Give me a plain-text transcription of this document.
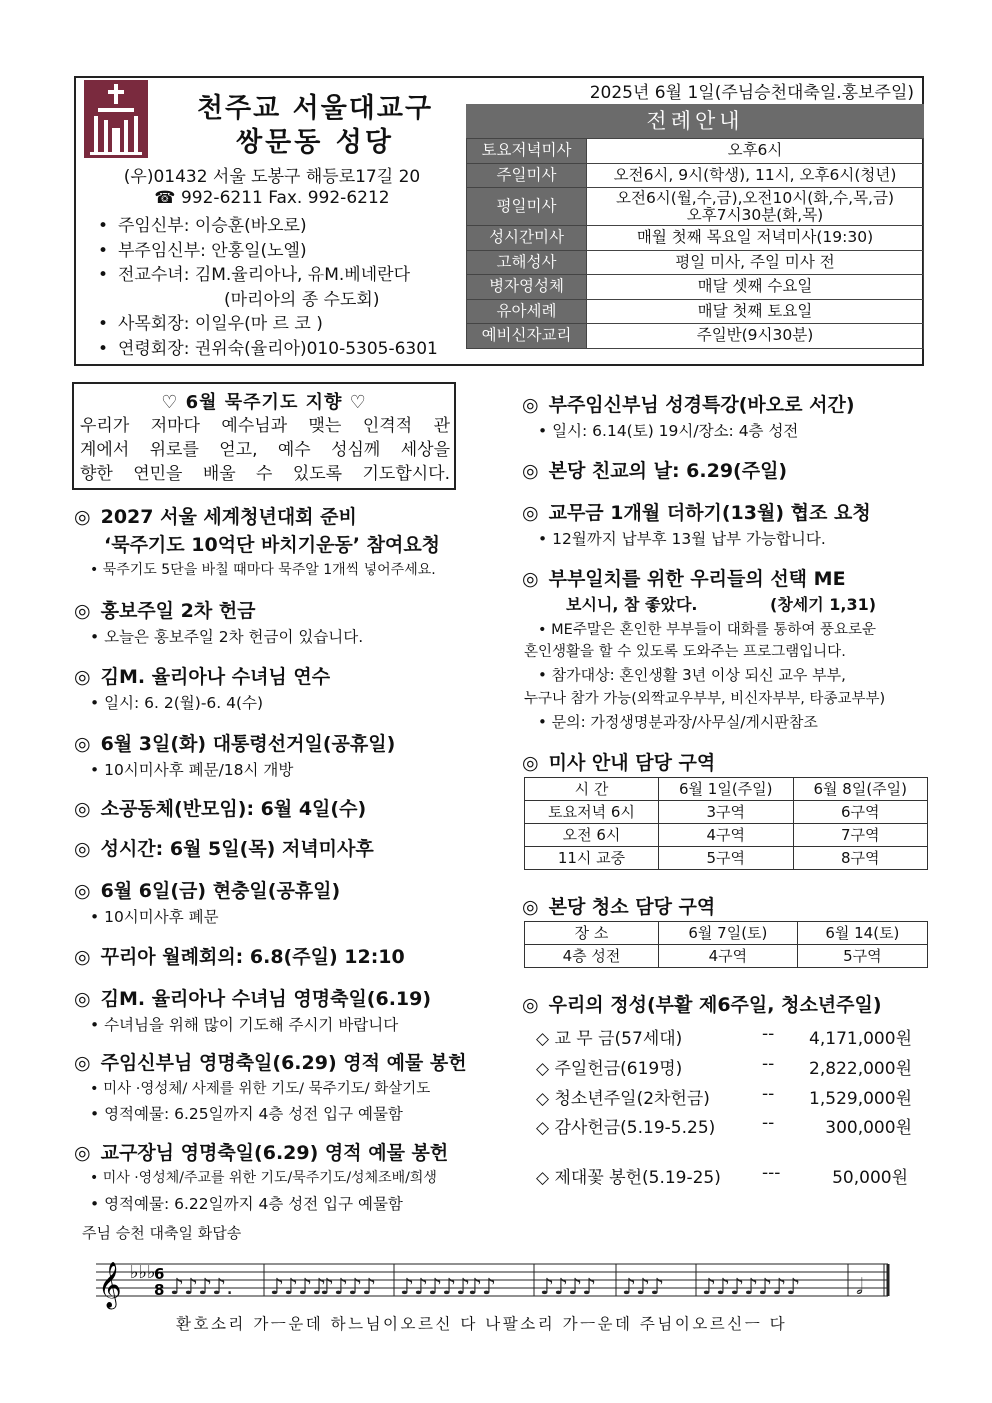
천주교 서울대교구
쌍문동 성당
(우)01432 서울 도봉구 해등로17길 20
☎ 992-6211 Fax. 992-6212
• 주임신부: 이승훈(바오로)
• 부주임신부: 안홍일(노엘)
• 전교수녀: 김M.율리아나, 유M.베네란다
(마리아의 종 수도회)
• 사목회장: 이일우(마 르 코 )
• 연령회장: 권위숙(율리아)010-5305-6301
2025년 6월 1일(주님승천대축일.홍보주일)
전례안내
토요저녁미사	오후6시
주일미사	오전6시, 9시(학생), 11시, 오후6시(청년)
평일미사	오전6시(월,수,금),오전10시(화,수,목,금)
오후7시30분(화,목)

성시간미사	매월 첫째 목요일 저녁미사(19:30)
고해성사	평일 미사, 주일 미사 전
병자영성체	매달 셋째 수요일
유아세례	매달 첫째 토요일
예비신자교리	주일반(9시30분)
♡ 6월 묵주기도 지향 ♡
우리가 저마다 예수님과 맺는 인격적 관
계에서 위로를 얻고, 예수 성심께 세상을
향한 연민을 배울 수 있도록 기도합시다.
◎ 2027 서울 세계청년대회 준비
‘묵주기도 10억단 바치기운동’ 참여요청
• 묵주기도 5단을 바칠 때마다 묵주알 1개씩 넣어주세요.
◎ 홍보주일 2차 헌금
• 오늘은 홍보주일 2차 헌금이 있습니다.
◎ 김M. 율리아나 수녀님 연수
• 일시: 6. 2(월)-6. 4(수)
◎ 6월 3일(화) 대통령선거일(공휴일)
• 10시미사후 폐문/18시 개방
◎ 소공동체(반모임): 6월 4일(수)
◎ 성시간: 6월 5일(목) 저녁미사후
◎ 6월 6일(금) 현충일(공휴일)
• 10시미사후 폐문
◎ 꾸리아 월례회의: 6.8(주일) 12:10
◎ 김M. 율리아나 수녀님 영명축일(6.19)
• 수녀님을 위해 많이 기도해 주시기 바랍니다
◎ 주임신부님 영명축일(6.29) 영적 예물 봉헌
• 미사 ·영성체/ 사제를 위한 기도/ 묵주기도/ 화살기도
• 영적예물: 6.25일까지 4층 성전 입구 예물함
◎ 교구장님 영명축일(6.29) 영적 예물 봉헌
• 미사 ·영성체/주교를 위한 기도/묵주기도/성체조배/희생
• 영적예물: 6.22일까지 4층 성전 입구 예물함
◎ 부주임신부님 성경특강(바오로 서간)
• 일시: 6.14(토) 19시/장소: 4층 성전
◎ 본당 친교의 날: 6.29(주일)
◎ 교무금 1개월 더하기(13월) 협조 요청
• 12월까지 납부후 13월 납부 가능합니다.
◎ 부부일치를 위한 우리들의 선택 ME
보시니, 참 좋았다.	(창세기 1,31)
• ME주말은 혼인한 부부들이 대화를 통하여 풍요로운
혼인생활을 할 수 있도록 도와주는 프로그램입니다.
• 참가대상: 혼인생활 3년 이상 되신 교우 부부,
누구나 참가 가능(외짝교우부부, 비신자부부, 타종교부부)
• 문의: 가정생명분과장/사무실/게시판참조
◎ 미사 안내 담당 구역
시 간	6월 1일(주일)	6월 8일(주일)
토요저녁 6시	3구역	6구역
오전 6시	4구역	7구역
11시 교중	5구역	8구역
◎ 본당 청소 담당 구역
장 소	6월 7일(토)	6월 14(토)
4층 성전	4구역	5구역
◎ 우리의 정성(부활 제6주일, 청소년주일)
◇ 교 무 금(57세대)	-- 4,171,000원
◇ 주일헌금(619명)	-- 2,822,000원
◇ 청소년주일(2차헌금)	-- 1,529,000원
◇ 감사헌금(5.19-5.25)	--	300,000원
◇ 제대꽃 봉헌(5.19-25) ---	50,000원
주님 승천 대축일 화답송
𝄞 ♭♭♭
6
8 ♪♪♪♪. ♪♪♪♪
♪♪♪♪ ♪♪♪♪♪
♪♪ ♪♪♪♪ ♪♪♪ ♪♪♪♪♪♪♪	𝅗𝅥
환호소리 가ㅡ운데 하느님이오르신 다 나팔소리 가ㅡ운데 주님이오르신ㅡ 다
